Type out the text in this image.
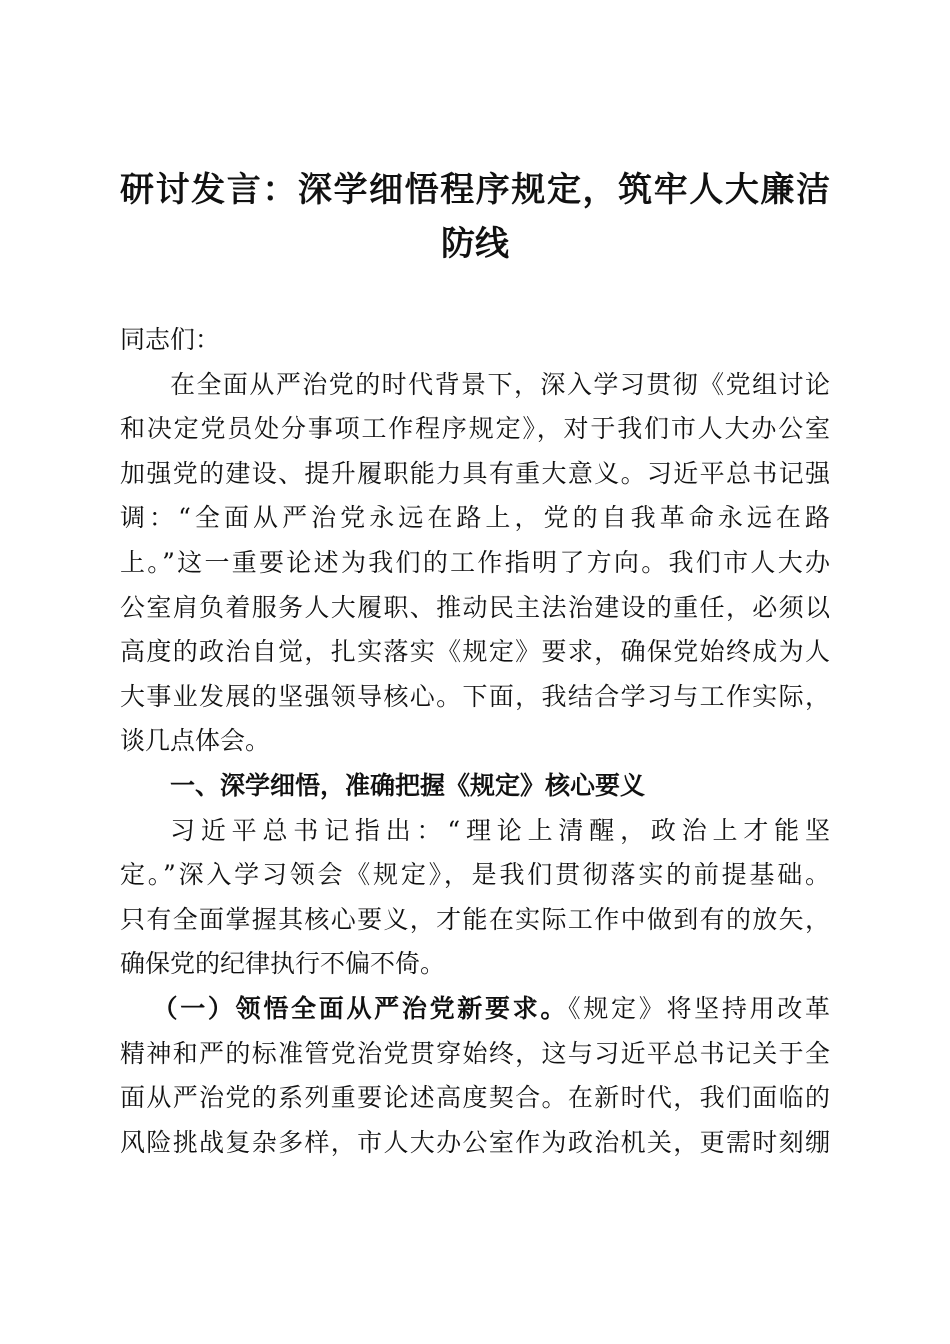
研讨发言：深学细悟程序规定，筑牢人大廉洁
防线
同志们：
在全面从严治党的时代背景下，深入学习贯彻《党组讨论
和决定党员处分事项工作程序规定》，对于我们市人大办公室
加强党的建设、提升履职能力具有重大意义。习近平总书记强
调：“全面从严治党永远在路上，党的自我革命永远在路
上。”这一重要论述为我们的工作指明了方向。我们市人大办
公室肩负着服务人大履职、推动民主法治建设的重任，必须以
高度的政治自觉，扎实落实《规定》要求，确保党始终成为人
大事业发展的坚强领导核心。下面，我结合学习与工作实际，
谈几点体会。
一、深学细悟，准确把握《规定》核心要义
习近平总书记指出：“理论上清醒，政治上才能坚
定。”深入学习领会《规定》，是我们贯彻落实的前提基础。
只有全面掌握其核心要义，才能在实际工作中做到有的放矢，
确保党的纪律执行不偏不倚。
（一）领悟全面从严治党新要求。《规定》将坚持用改革
精神和严的标准管党治党贯穿始终，这与习近平总书记关于全
面从严治党的系列重要论述高度契合。在新时代，我们面临的
风险挑战复杂多样，市人大办公室作为政治机关，更需时刻绷
